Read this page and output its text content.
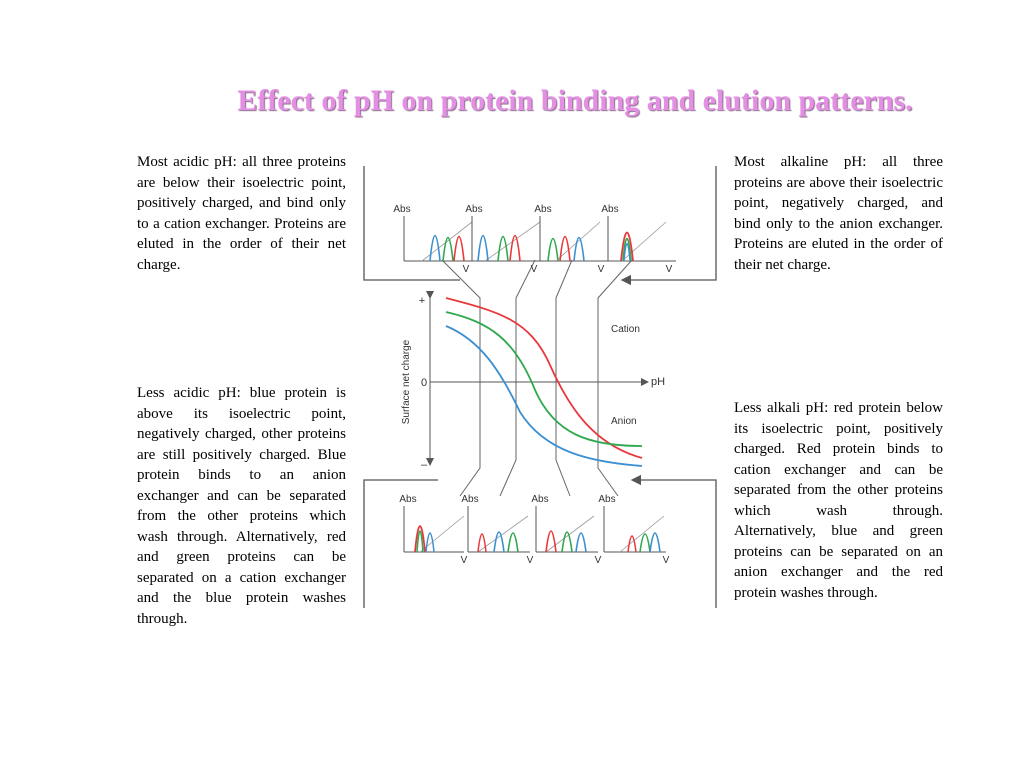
Effect of pH on protein binding and elution patterns.

Most acidic pH: all three proteins are below their isoelectric point, positively charged, and bind only to a cation exchanger. Proteins are eluted in the order of their net charge.

Less acidic pH: blue protein is above its isoelectric point, negatively charged, other proteins are still positively charged. Blue protein binds to an anion exchanger and can be separated from the other proteins which wash through. Alternatively, red and green proteins can be separated on a cation exchanger and the blue protein washes through.

Most alkaline pH: all three proteins are above their isoelectric point, negatively charged, and bind only to the anion exchanger. Proteins are eluted in the order of their net charge.

Less alkali pH: red protein below its isoelectric point, positively charged. Red protein binds to cation exchanger and can be separated from the other proteins which wash through. Alternatively, blue and green proteins can be separated on an anion exchanger and the red protein washes through.

Abs	Abs	Abs	Abs
V	V	V	V
+
0
–
Surface net charge	pH
Cation
Anion
Abs	Abs	Abs	Abs
V	V	V	V
